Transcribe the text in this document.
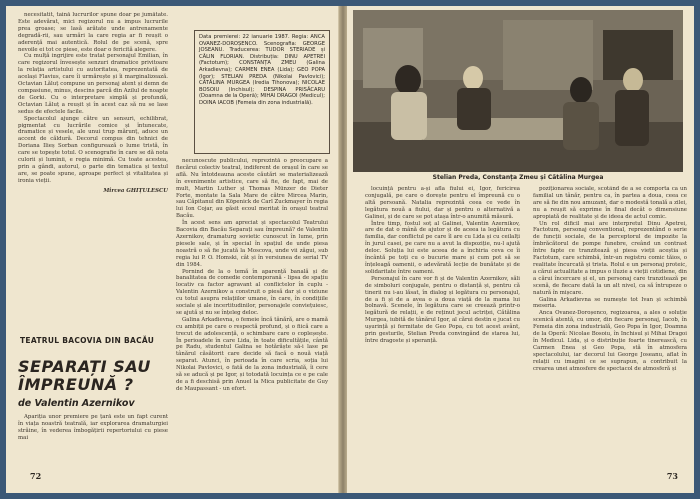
necesitatit, taină lucrurilor spune doar pe jumătate. Este adevărat, mici regizorul nu a impus lucrurile prea groase; se lasă arătate unde antrenamente degradă-rii, sau urmări la care regia ar fi reușit o aderență mai autentică. Rolul de pe scenă, spre nevoile ei tot ce piese, este doar o fericită alegere.

Cu mulță ingrijire este tratat personajul Emilian, în care regizorul învesește senzuri dramatice privitoare la relația artistului cu autoritatea, reprezentată de același Flavius, care îi urmărește și îi marginalizează. Octavian Lăluț compune un personaj atent și demn de compasiune, minus, descins parcă din Azilul de noapte de Gorki. Cu o interpretare simplă și profundă, Octavian Lăluț a reușit și în acest caz să nu se lase sedus de efectele facile.

Spectacolul ajunge către un sensuri, echilibrat, pigmentat cu lucrările comice și întunecate, dramatice și vesele, ale unui trup mărunț, aduce un accent de căldură. Decorul compus din tehnici de Doriana Ilieș Sorban configurează o lume tristă, în care se topește totul. O scenografie în care se dă nota culorii și luminii, e regia minimă. Cu toate acestea, prin a gândi, autorul, o parte din tematica și textul are, se poate spune, aproape perfect și vitalitatea și ironia vieții.

Mircea GHIȚULESCU

Data premierei: 22 ianuarie 1987. Regia: ANCA OVANEZ-DOROȘENCO. Scenografia: GEORGE JOSEANU. Traducerea: TUDOR STERIADE și CĂLIN FLORIAN. Distribuția: DINU APETREI (Factotum); CONSTANȚA ZMEU (Galina Arkadievna); CARMEN ENEA (Lida); GEO POPA (Igor); STELIAN PREDA (Nikolai Pavlovici); CĂTĂLINA MURGEA (Iredia Tihonova); NICOLAE BOSOIU (Inchisul); DESPINA PRISĂCARU (Doamna de la Operă); MIHAI DRAGOI (Medicul); DOINA IACOB (Femeia din zona industrială).

necunoscute publicului, reprezintă o preocupare a fiecărui colectiv teatral, indiferent de orașul în care se află. Nu întotdeauna aceste căutări se materializează în evenimente artistice, care să fie, de fapt, mai de mult, Martin Luther și Thomas Münzer de Dieter Forte, montate la Sala Mare de către Mircea Marin, sau Căpitanul din Köpenick de Carl Zuckmayer în regia lui Ion Cojar, au găsit ecoul meritat în orașul teatral Bacău.

În acest sens am apreciat și spectacolul Teatrului Bacovia din Bacău Separați sau împreună? de Valentin Azernikov, dramaturg sovietic cunoscut în lume, prin piesele sale, și în special în spațiul de unde piesa noastră o să fie jucată la Moscova, unde vii zăgui, sub regia lui P. O. Homski, cât și în versiunea de serial TV din 1984.

Pornind de la o temă în aparență banală și de banalitatea de comedie contemporană - lipsa de spațiu locativ ca factor agravant al conflictelor în cuplu - Valentin Azernikov a construit o piesă dar și o viziune cu totul asupra relațiilor umane, în care, în condițiile sociale și ale incertitudinilor, personajele conviețuiesc, se ajută și nu se înțeleg deloc.

Galina Arkadievna, o femeie încă tânără, are o mamă cu ambiții pe care o respectă profund, și o fiică care a trecut de adolescență, o schimbare care o copleșește. În perioadele în care Lida, în toate dificultățile, cântă pe Radu, studentul Galina se hotărăște să-i lase pe tânărul căsătorit care decide să facă o nouă viață separat. Atunci, în perioada în care scria, soția lui Nikolai Pavlovici, o fată de la zona industrială, îi cere să se aducă și pe Igor, și totodată locuința ce e pe cale de a fi deschisă prin Anuel la Mica publicitate de Guy de Maupassant - un efort.

TEATRUL BACOVIA DIN BACĂU
SEPARAȚI SAU ÎMPREUNĂ ?
de Valentin Azernikov

Apariția unor premiere pe țară este un fapt curent în viața noastră teatrală, iar explorarea dramaturgiei străine, în vederea îmbogățirii repertoriului cu piese mai

72
Stelian Preda, Constanța Zmeu și Cătălina Murgea

locuință pentru a-și afla fiului ei, Igor, fericirea conjugală, pe care o dorește pentru el împreună cu o altă persoană. Natalia reprezintă ceea ce vede în legătura nouă a fiului, dar și pentru o alternativă a Galinei, și de care se pot atașa într-o anumită măsură.

Între timp, fostul soț al Galinei, Valentin Azernikov, are de dat o mână de ajutor și de aceea ia legătura cu familia, dar conflictul pe care îl are cu Lida și cu ceilalți în jurul casei, pe care nu a avut la dispoziție, nu-l ajută deloc. Soluția lui este aceea de a închiria ceva ce îi încântă pe toți cu o bucurie mare și cum pot să se înțeleagă oamenii, o adevărată lecție de bunătate și de solidaritate între oameni.

Personajul în care vor fi și de Valentin Azernikov, săli de simboluri conjugale, pentru o distanță și, pentru că tinerii nu i-au lăsat, în dialog și legătura cu personajul, de a fi și de a avea o a doua viață de la mama lui bolnavă. Scenele, în legătura care se creează printr-o legătură de relații, e de reținut jocul actriței, Cătălina Murgea, iubită de tânărul Igor, al cărui destin e jucat cu ușurință și fermitate de Geo Popa, cu tot acest avânt, prin gesturile, Stelian Preda convingând de starea lui, între dragoste și speranță.

poziționarea sociale, scotând de a se comporta ca un familial un tânăr, pentru ca, în partea a doua, ceea ce are să fie din nou amuzant, dar o modestă tonală a zilei, nu a reușit să exprime în final decât o dimensiune apropiată de realitate și de ideea de actul comic.

Un rol dificil mai are interpretul Dinu Apetrei, Factotum, personaj conventional, reprezentând o serie de funcții sociale, de la perceptorul de impozite la îmbrăcătorul de pompe funebre, creând un contrast între fapte ce tranzitează și piesa vieții aceștia și Factotum, care schimbă, într-un registru comic tăios, o realitate încurcată și trista. Rolul e un personaj proteic, a cărui actualitate a impus o iluzie a vieții cotidiene, din a cărui încercare și el, un personaj care tranzitează pe scenă, de fiecare dată la un alt nivel, ca să întrupeze o natură în mișcare.

Galina Arkadievna se numește tot Ivan și schimbă meseria.

Anca Ovanez-Doroșenco, regizoarea, a ales o soluție scenică atentă, cu umor, din fiecare personaj, Iacob, în Femeia din zona industrială, Geo Popa în Igor, Doamna de la Operă: Nicolae Bosoiu, în Inchisul și Mihai Dragoi în Medicul. Lida, și o distribuție foarte tinerească, cu Carmen Enea și Geo Popa, stă în atmosfera spectacolului, iar decorul lui George Joseanu, aflat în relații cu imagini ce se suprapun, a contribuit la crearea unei atmosfere de spectacol de atmosferă și

73
